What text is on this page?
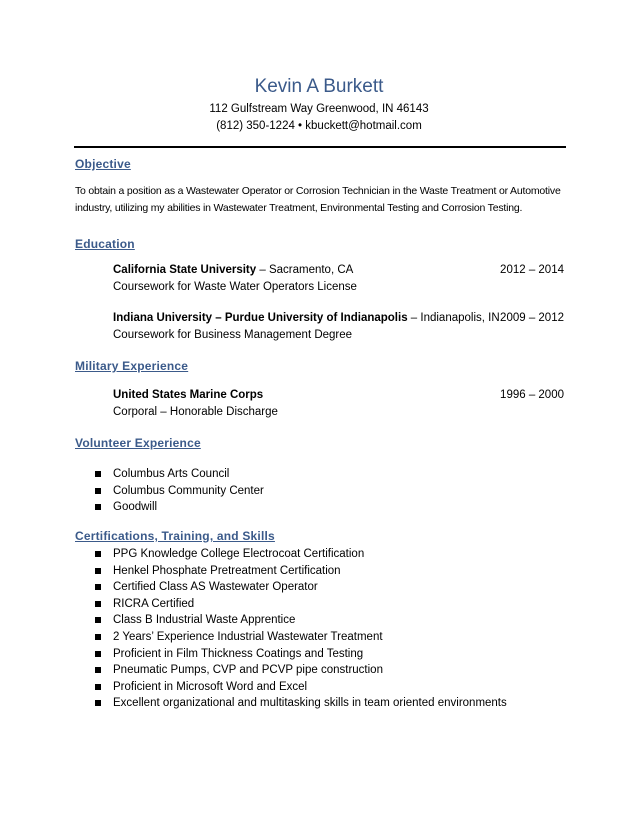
Kevin A Burkett
112 Gulfstream Way Greenwood, IN 46143
(812) 350-1224 • kbuckett@hotmail.com
Objective
To obtain a position as a Wastewater Operator or Corrosion Technician in the Waste Treatment or Automotive industry, utilizing my abilities in Wastewater Treatment, Environmental Testing and Corrosion Testing.
Education
California State University – Sacramento, CA	2012 – 2014
Coursework for Waste Water Operators License
Indiana University – Purdue University of Indianapolis – Indianapolis, IN 2009 – 2012
Coursework for Business Management Degree
Military Experience
United States Marine Corps	1996 – 2000
Corporal – Honorable Discharge
Volunteer Experience
Columbus Arts Council
Columbus Community Center
Goodwill
Certifications, Training, and Skills
PPG Knowledge College Electrocoat Certification
Henkel Phosphate Pretreatment Certification
Certified Class AS Wastewater Operator
RICRA Certified
Class B Industrial Waste Apprentice
2 Years’ Experience Industrial Wastewater Treatment
Proficient in Film Thickness Coatings and Testing
Pneumatic Pumps, CVP and PCVP pipe construction
Proficient in Microsoft Word and Excel
Excellent organizational and multitasking skills in team oriented environments
